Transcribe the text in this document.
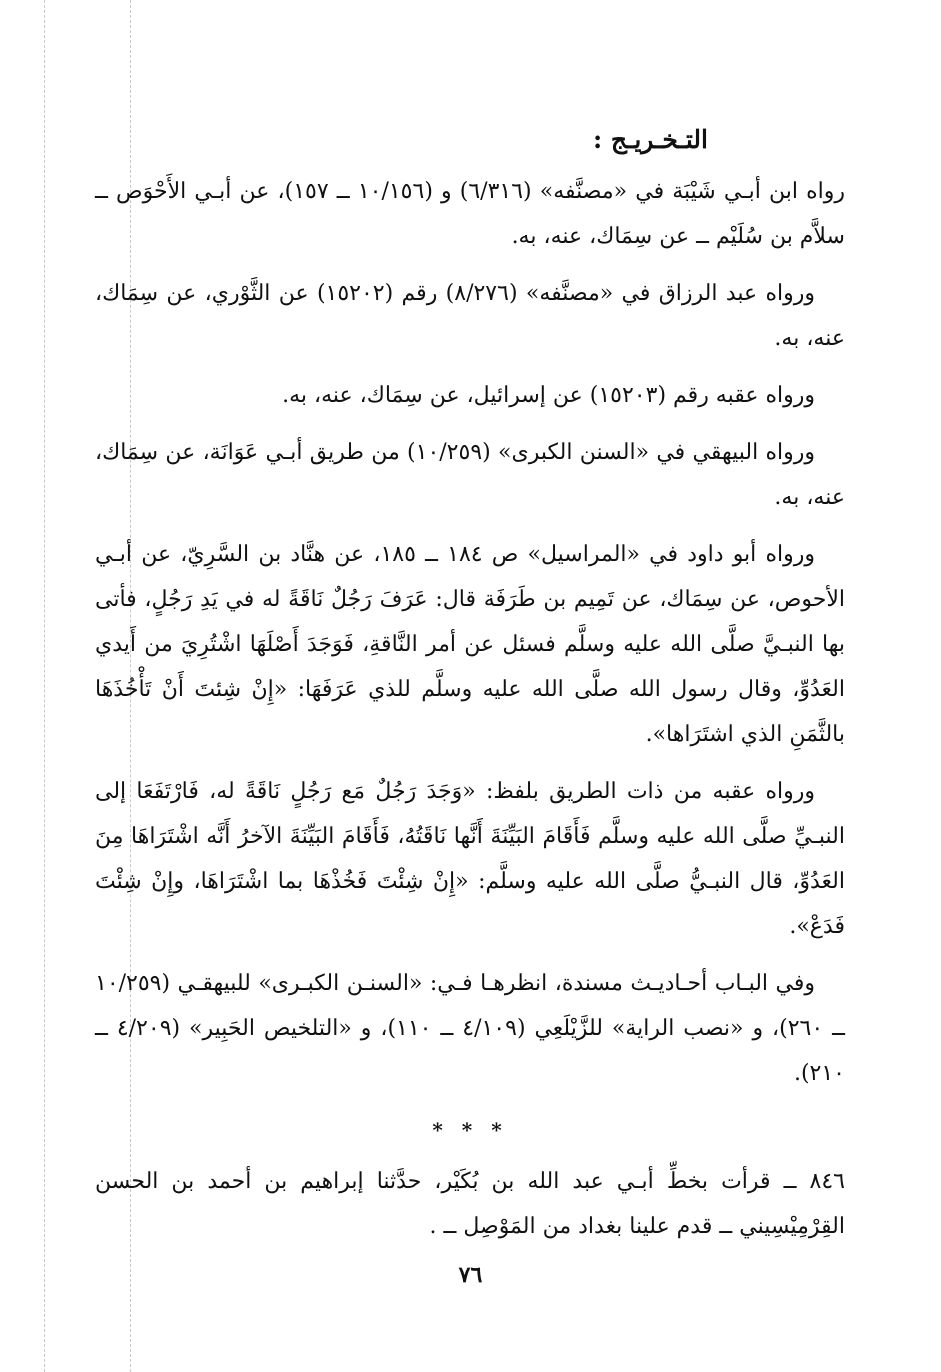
التـخـريـج :

رواه ابن أبـي شَيْبَة في «مصنَّفه» (٦/٣١٦) و (١٠/١٥٦ ــ ١٥٧)، عن أبـي الأَحْوَص ــ سلاَّم بن سُلَيْم ــ عن سِمَاك، عنه، به.

ورواه عبد الرزاق في «مصنَّفه» (٨/٢٧٦) رقم (١٥٢٠٢) عن الثَّوْري، عن سِمَاك، عنه، به.

ورواه عقبه رقم (١٥٢٠٣) عن إسرائيل، عن سِمَاك، عنه، به.

ورواه البيهقي في «السنن الكبرى» (١٠/٢٥٩) من طريق أبـي عَوَانَة، عن سِمَاك، عنه، به.

ورواه أبو داود في «المراسيل» ص ١٨٤ ــ ١٨٥، عن هنَّاد بن السَّرِيّ، عن أبـي الأحوص، عن سِمَاك، عن تَمِيم بن طَرَفَة قال: عَرَفَ رَجُلٌ نَاقَةً له في يَدِ رَجُلٍ، فأتى بها النبـيَّ صلَّى الله عليه وسلَّم فسئل عن أمر النَّاقةِ، فَوَجَدَ أَصْلَهَا اشْتُرِيَ من أَيدي العَدُوِّ، وقال رسول الله صلَّى الله عليه وسلَّم للذي عَرَفَهَا: «إِنْ شِئتَ أَنْ تَأْخُذَهَا بالثَّمَنِ الذي اشتَرَاها».

ورواه عقبه من ذات الطريق بلفظ: «وَجَدَ رَجُلٌ مَع رَجُلٍ نَاقَةً له، فَارْتَفَعَا إلى النبـيِّ صلَّى الله عليه وسلَّم فَأَقَامَ البَيِّنَةَ أَنَّها نَاقَتُهُ، فَأَقَامَ البَيِّنَةَ الآخرُ أَنَّه اشْتَرَاهَا مِنَ العَدُوِّ، قال النبـيُّ صلَّى الله عليه وسلَّم: «إِنْ شِئْتَ فَخُذْهَا بما اشْتَرَاهَا، وإِنْ شِئْتَ فَدَعْ».

وفي البـاب أحـاديـث مسندة، انظرهـا فـي: «السنـن الكبـرى» للبيهقـي (١٠/٢٥٩ ــ ٢٦٠)، و «نصب الراية» للزَّيْلَعِي (٤/١٠٩ ــ ١١٠)، و «التلخيص الحَبِير» (٤/٢٠٩ ــ ٢١٠).

* * *

٨٤٦ ــ قرأت بخطِّ أبـي عبد الله بن بُكَيْر، حدَّثنا إبراهيم بن أحمد بن الحسن القِرْمِيْسِيني ــ قدم علينا بغداد من المَوْصِل ــ .

٧٦
